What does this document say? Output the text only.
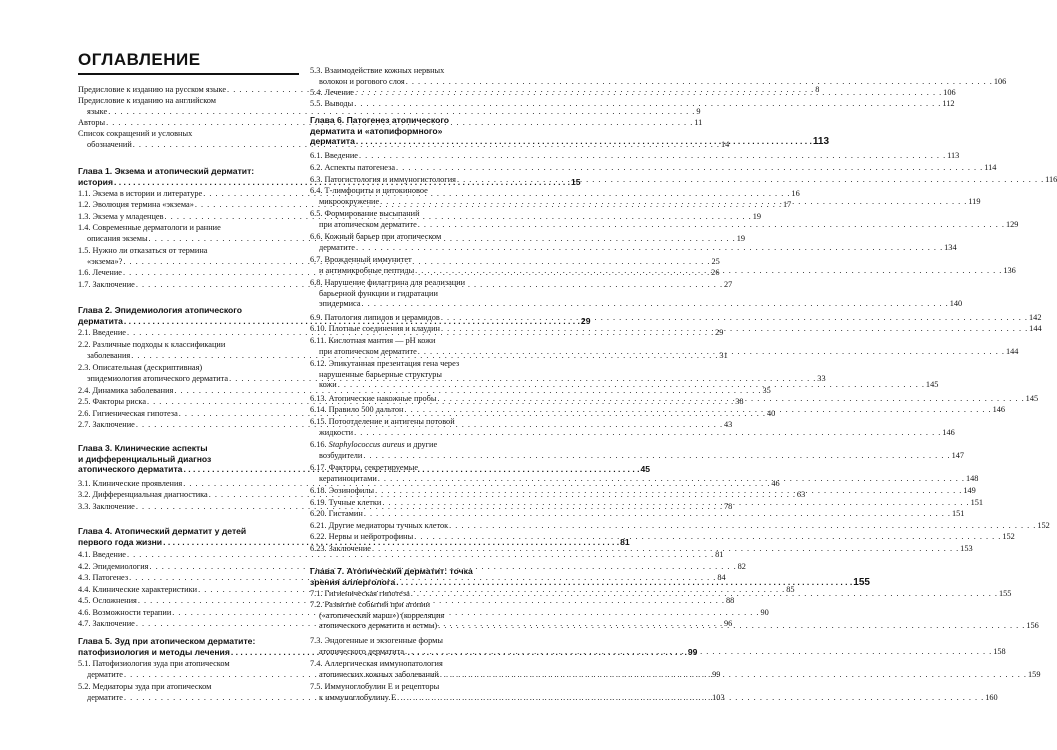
ОГЛАВЛЕНИЕ
Предисловие к изданию на русском языке . . .	8
Предисловие к изданию на английском
языке . . .	9
Авторы . . .	11
Список сокращений и условных
обозначений . . .	14
Глава 1. Экзема и атопический дерматит:
история . . .	15
1.1. Экзема в истории и литературе . . .	16
1.2. Эволюция термина «экзема» . . .	17
1.3. Экзема у младенцев . . .	19
1.4. Современные дерматологи и ранние
описания экземы . . .	19
1.5. Нужно ли отказаться от термина
«экзема»? . . .	25
1.6. Лечение . . .	26
1.7. Заключение . . .	27
Глава 2. Эпидемиология атопического
дерматита . . .	29
2.1. Введение . . .	29
2.2. Различные подходы к классификации
заболевания . . .	31
2.3. Описательная (дескриптивная)
эпидемиология атопического дерматита . . .	33
2.4. Динамика заболевания . . .	35
2.5. Факторы риска . . .	38
2.6. Гигиеническая гипотеза . . .	40
2.7. Заключение . . .	43
Глава 3. Клинические аспекты
и дифференциальный диагноз
атопического дерматита . . .	45
3.1. Клинические проявления . . .	46
3.2. Дифференциальная диагностика . . .	63
3.3. Заключение . . .	78
Глава 4. Атопический дерматит у детей
первого года жизни . . .	81
4.1. Введение . . .	81
4.2. Эпидемиология . . .	82
4.3. Патогенез . . .	84
4.4. Клинические характеристики . . .	85
4.5. Осложнения . . .	88
4.6. Возможности терапии . . .	90
4.7. Заключение . . .	96
Глава 5. Зуд при атопическом дерматите:
патофизиология и методы лечения . . .	99
5.1. Патофизиология зуда при атопическом
дерматите . . .	99
5.2. Медиаторы зуда при атопическом
дерматите . . .	103
5.3. Взаимодействие кожных нервных
волокон и рогового слоя . . .	106
5.4. Лечение . . .	106
5.5. Выводы . . .	112
Глава 6. Патогенез атопического
дерматита и «атопиформного»
дерматита . . .	113
6.1. Введение . . .	113
6.2. Аспекты патогенеза . . .	114
6.3. Патогистология и иммуногистология . . .	116
6.4. Т-лимфоциты и цитокиновое
микроокружение . . .	119
6.5. Формирование высыпаний
при атопическом дерматите . . .	129
6.6. Кожный барьер при атопическом
дерматите . . .	134
6.7. Врожденный иммунитет
и антимикробные пептиды . . .	136
6.8. Нарушение филаггрина для реализации
барьерной функции и гидратации
эпидермиса . . .	140
6.9. Патология липидов и церамидов . . .	142
6.10. Плотные соединения и клаудин . . .	144
6.11. Кислотная мантия — рН кожи
при атопическом дерматите . . .	144
6.12. Эпикутанная презентация гена через
нарушенные барьерные структуры
кожи . . .	145
6.13. Атопические накожные пробы . . .	145
6.14. Правило 500 дальтон . . .	146
6.15. Потоотделение и антигены потовой
жидкости . . .	146
6.16. Staphylococcus aureus и другие
возбудители . . .	147
6.17. Факторы, секретируемые
кератиноцитами . . .	148
6.18. Эозинофилы . . .	149
6.19. Тучные клетки . . .	151
6.20. Гистамин . . .	151
6.21. Другие медиаторы тучных клеток . . .	152
6.22. Нервы и нейротрофины . . .	152
6.23. Заключение . . .	153
Глава 7. Атопический дерматит: точка
зрения аллерголога . . .	155
7.1. Гигиеническая гипотеза . . .	155
7.2. Развитие событий при атопии
(«атопический марш») (корреляция
атопического дерматита и астмы) . . .	156
7.3. Эндогенные и экзогенные формы
атопического дерматита . . .	158
7.4. Аллергическая иммунопатология
атопических кожных заболеваний . . .	159
7.5. Иммуноглобулин E и рецепторы
к иммуноглобулину E . . .	160
